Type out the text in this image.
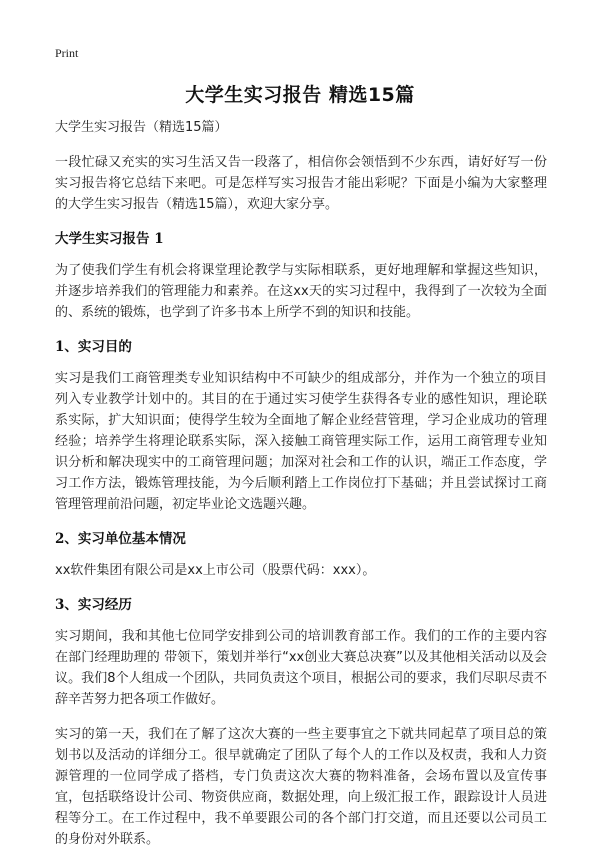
Print
大学生实习报告 精选15篇

大学生实习报告（精选15篇）

一段忙碌又充实的实习生活又告一段落了，相信你会领悟到不少东西，请好好写一份实习报告将它总结下来吧。可是怎样写实习报告才能出彩呢？下面是小编为大家整理的大学生实习报告（精选15篇），欢迎大家分享。

大学生实习报告 1

为了使我们学生有机会将课堂理论教学与实际相联系，更好地理解和掌握这些知识，并逐步培养我们的管理能力和素养。在这xx天的实习过程中，我得到了一次较为全面的、系统的锻炼，也学到了许多书本上所学不到的知识和技能。

1、实习目的

实习是我们工商管理类专业知识结构中不可缺少的组成部分，并作为一个独立的项目列入专业教学计划中的。其目的在于通过实习使学生获得各专业的感性知识，理论联系实际，扩大知识面；使得学生较为全面地了解企业经营管理，学习企业成功的管理经验；培养学生将理论联系实际，深入接触工商管理实际工作，运用工商管理专业知识分析和解决现实中的工商管理问题；加深对社会和工作的认识，端正工作态度，学习工作方法，锻炼管理技能，为今后顺利踏上工作岗位打下基础；并且尝试探讨工商管理管理前沿问题，初定毕业论文选题兴趣。

2、实习单位基本情况

xx软件集团有限公司是xx上市公司（股票代码：xxx）。

3、实习经历

实习期间，我和其他七位同学安排到公司的培训教育部工作。我们的工作的主要内容在部门经理助理的 带领下，策划并举行“xx创业大赛总决赛”以及其他相关活动以及会议。我们8个人组成一个团队，共同负责这个项目，根据公司的要求，我们尽职尽责不辞辛苦努力把各项工作做好。

实习的第一天，我们在了解了这次大赛的一些主要事宜之下就共同起草了项目总的策划书以及活动的详细分工。很早就确定了团队了每个人的工作以及权责，我和人力资源管理的一位同学成了搭档，专门负责这次大赛的物料准备，会场布置以及宣传事宜，包括联络设计公司、物资供应商，数据处理，向上级汇报工作，跟踪设计人员进程等分工。在工作过程中，我不单要跟公司的各个部门打交道，而且还要以公司员工的身份对外联系。
